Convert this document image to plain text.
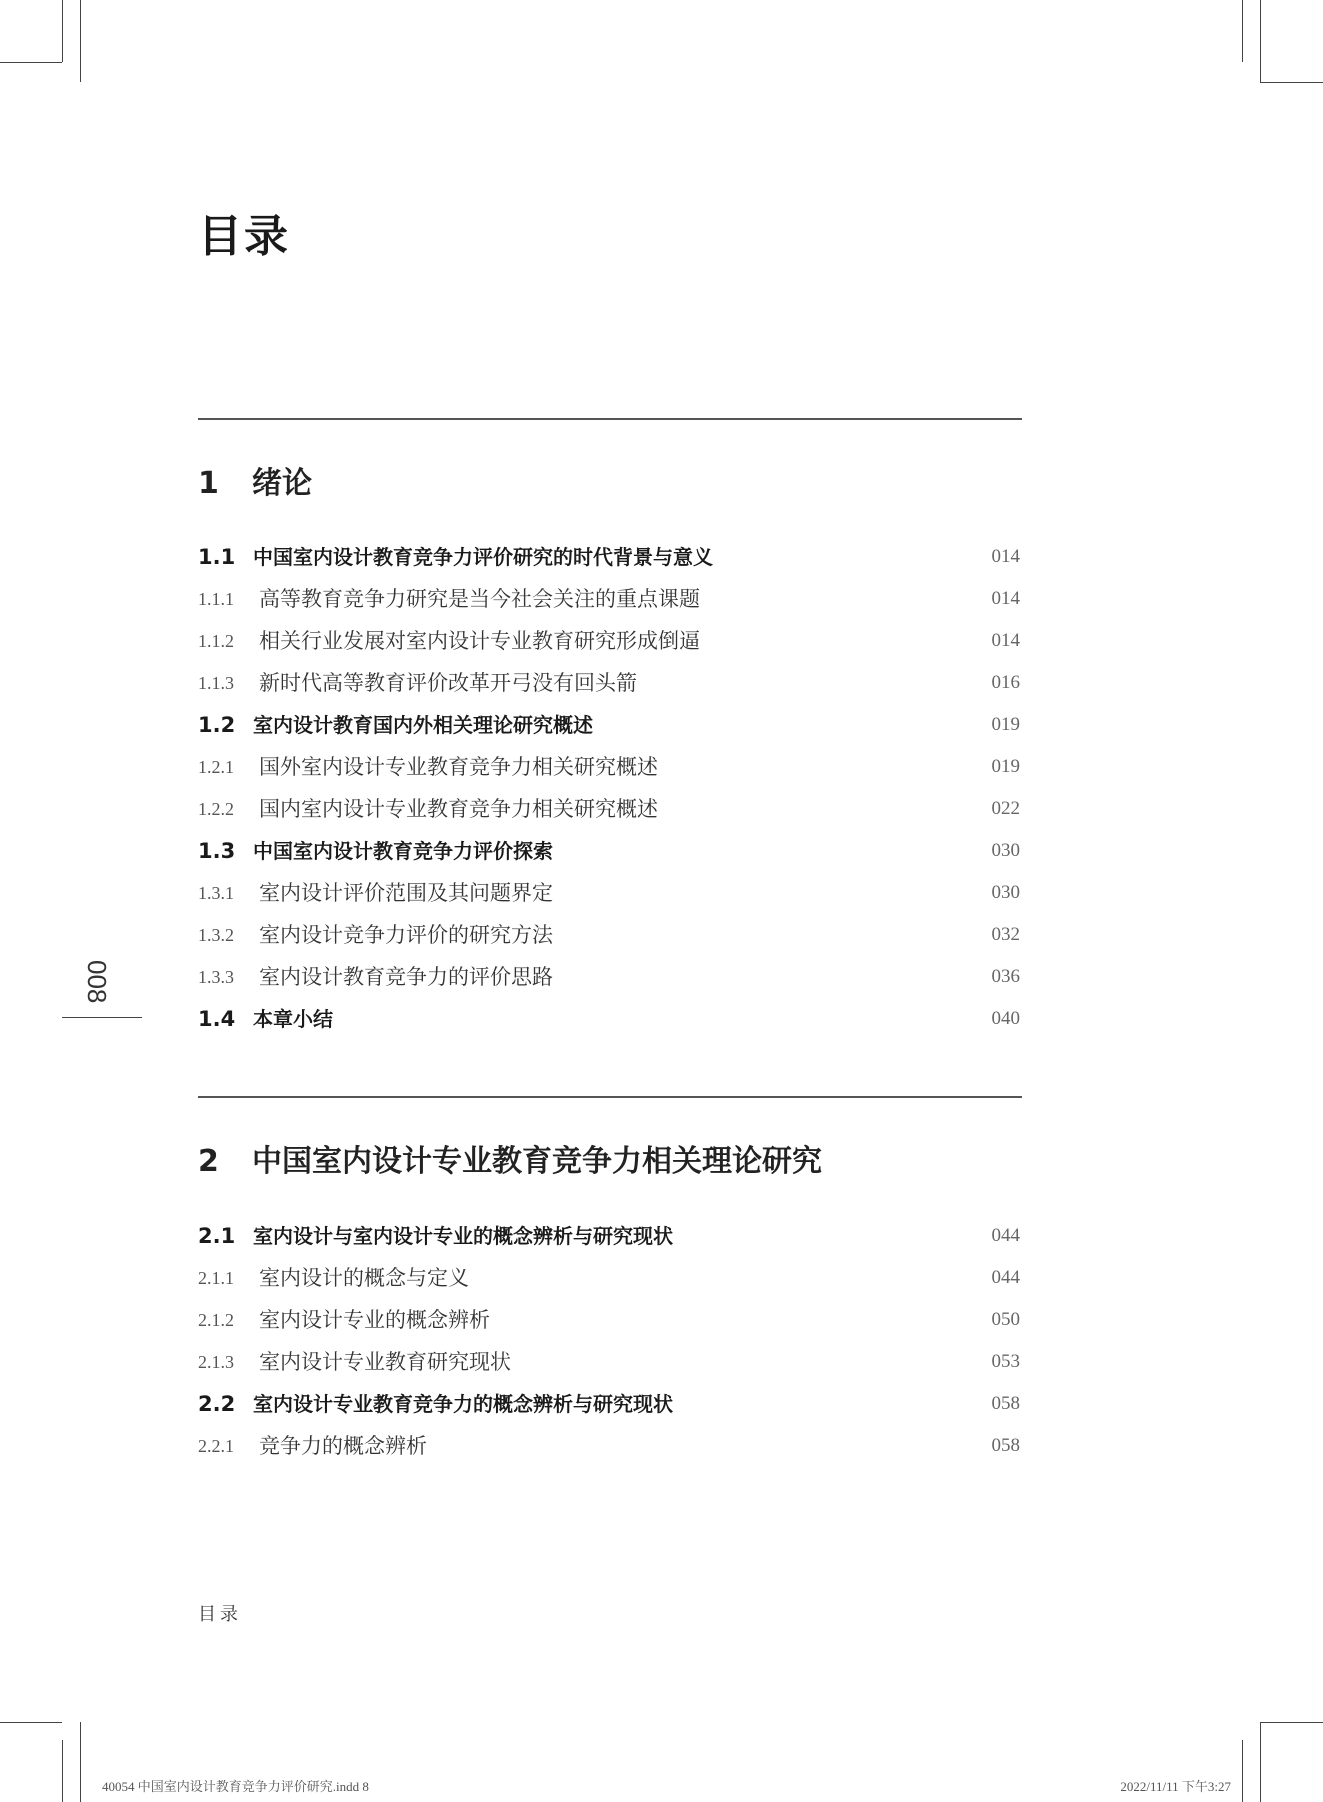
目录
1 绪论
1.1 中国室内设计教育竞争力评价研究的时代背景与意义	014
1.1.1 高等教育竞争力研究是当今社会关注的重点课题	014
1.1.2 相关行业发展对室内设计专业教育研究形成倒逼	014
1.1.3 新时代高等教育评价改革开弓没有回头箭	016
1.2 室内设计教育国内外相关理论研究概述	019
1.2.1 国外室内设计专业教育竞争力相关研究概述	019
1.2.2 国内室内设计专业教育竞争力相关研究概述	022
1.3 中国室内设计教育竞争力评价探索	030
1.3.1 室内设计评价范围及其问题界定	030
1.3.2 室内设计竞争力评价的研究方法	032
1.3.3 室内设计教育竞争力的评价思路	036
1.4 本章小结	040
2 中国室内设计专业教育竞争力相关理论研究
2.1 室内设计与室内设计专业的概念辨析与研究现状	044
2.1.1 室内设计的概念与定义	044
2.1.2 室内设计专业的概念辨析	050
2.1.3 室内设计专业教育研究现状	053
2.2 室内设计专业教育竞争力的概念辨析与研究现状	058
2.2.1 竞争力的概念辨析	058
008
目录
40054 中国室内设计教育竞争力评价研究.indd 8	2022/11/11 下午3:27
